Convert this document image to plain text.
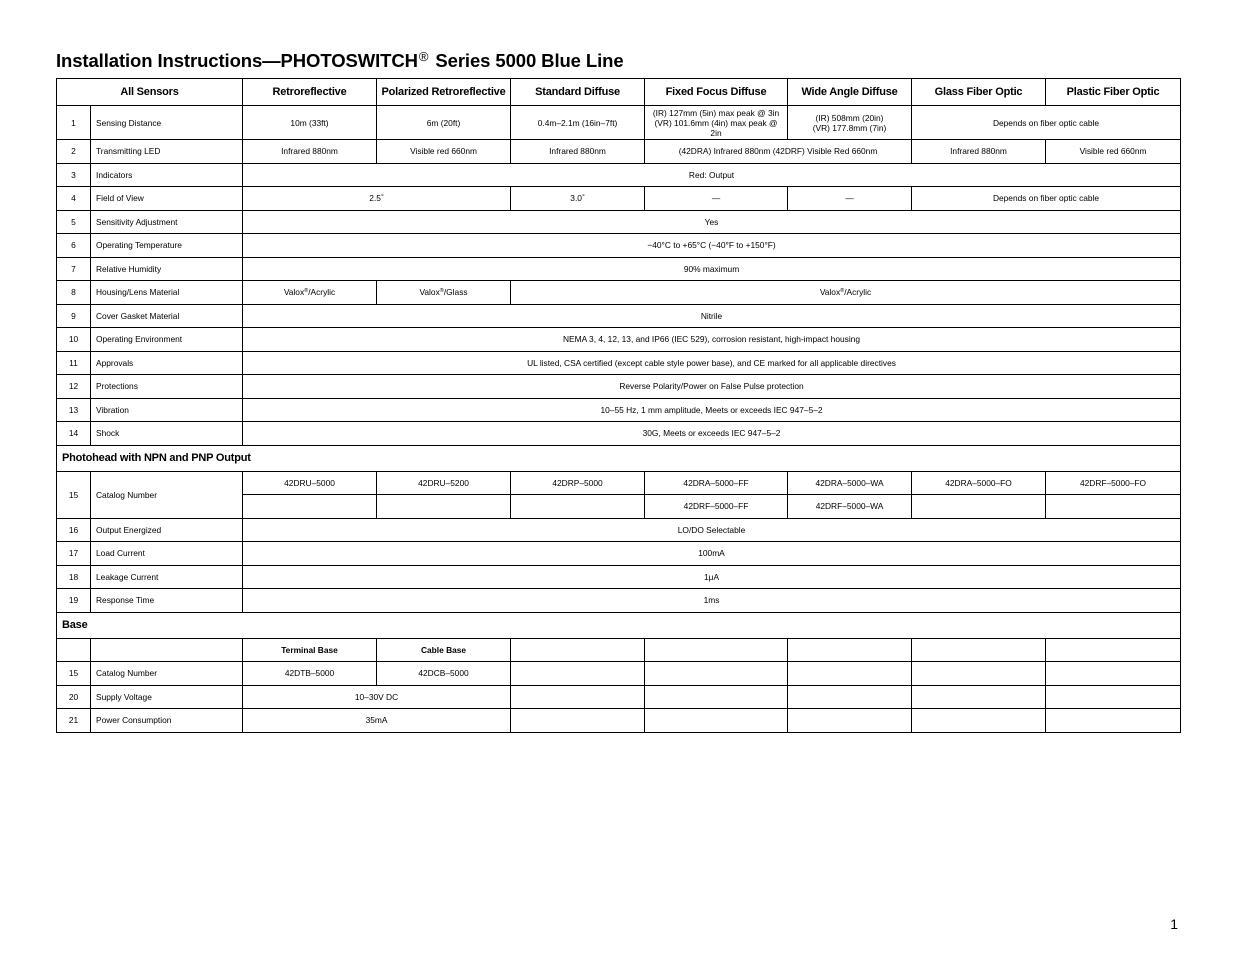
Installation Instructions—PHOTOSWITCH® Series 5000 Blue Line
All Sensors		Retroreflective	Polarized Retroreflective	Standard Diffuse	Fixed Focus Diffuse	Wide Angle Diffuse	Glass Fiber Optic	Plastic Fiber Optic
1	Sensing Distance	10m (33ft)	6m (20ft)	0.4m–2.1m (16in–7ft)	(IR) 127mm (5in) max peak @ 3in
(VR) 101.6mm (4in) max peak @ 2in	(IR) 508mm (20in)
(VR) 177.8mm (7in)	Depends on fiber optic cable	
2	Transmitting LED	Infrared 880nm	Visible red 660nm	Infrared 880nm	(42DRA) Infrared 880nm (42DRF) Visible Red 660nm		Infrared 880nm	Visible red 660nm
3	Indicators	Red: Output						
4	Field of View	2.5°		3.0°	—	—	Depends on fiber optic cable	
5	Sensitivity Adjustment	Yes						
6	Operating Temperature	−40°C to +65°C (−40°F to +150°F)						
7	Relative Humidity	90% maximum						
8	Housing/Lens Material	Valox®/Acrylic	Valox®/Glass	Valox®/Acrylic				
9	Cover Gasket Material	Nitrile						
10	Operating Environment	NEMA 3, 4, 12, 13, and IP66 (IEC 529), corrosion resistant, high-impact housing						
11	Approvals	UL listed, CSA certified (except cable style power base), and CE marked for all applicable directives						
12	Protections	Reverse Polarity/Power on False Pulse protection						
13	Vibration	10–55 Hz, 1 mm amplitude, Meets or exceeds IEC 947–5–2						
14	Shock	30G, Meets or exceeds IEC 947–5–2						
Photohead with NPN and PNP Output								
15	Catalog Number	42DRU–5000	42DRU–5200	42DRP–5000	42DRA–5000–FF	42DRA–5000–WA	42DRA–5000–FO	42DRF–5000–FO
					42DRF–5000–FF	42DRF–5000–WA		
16	Output Energized	LO/DO Selectable						
17	Load Current	100mA						
18	Leakage Current	1μA						
19	Response Time	1ms						
Base								
		Terminal Base	Cable Base					
15	Catalog Number	42DTB–5000	42DCB–5000					
20	Supply Voltage	10–30V DC						
21	Power Consumption	35mA						
1
